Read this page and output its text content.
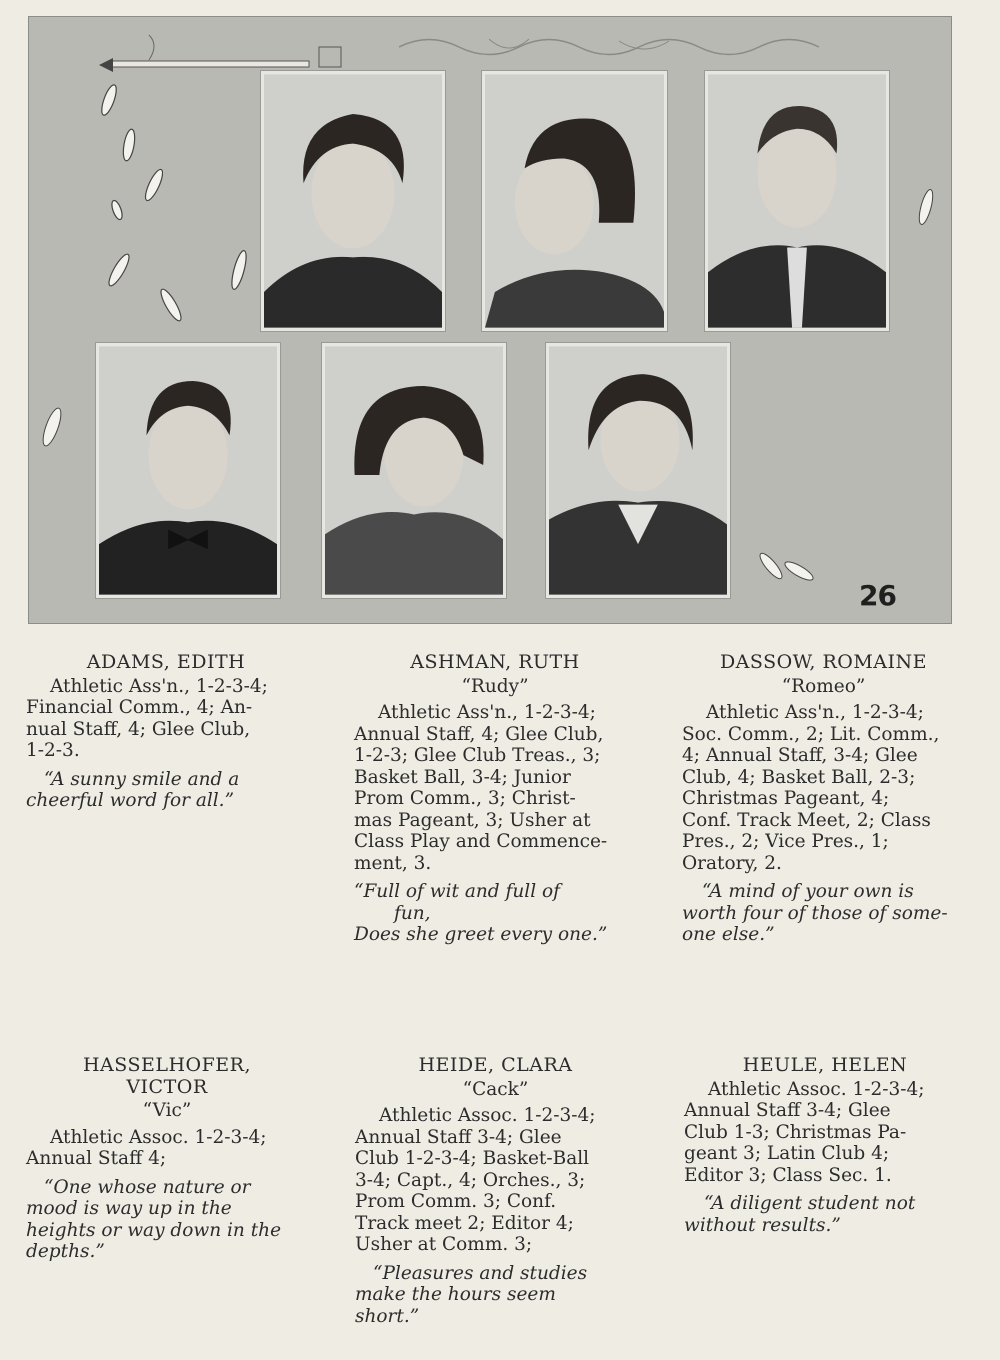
26
ADAMS, EDITH
Athletic Ass'n., 1-2-3-4;
Financial Comm., 4; An-
nual Staff, 4; Glee Club,
1-2-3.
“A sunny smile and a
cheerful word for all.”
ASHMAN, RUTH
“Rudy”
Athletic Ass'n., 1-2-3-4;
Annual Staff, 4; Glee Club,
1-2-3; Glee Club Treas., 3;
Basket Ball, 3-4; Junior
Prom Comm., 3; Christ-
mas Pageant, 3; Usher at
Class Play and Commence-
ment, 3.
“Full of wit and full of
fun,
Does she greet every one.”
DASSOW, ROMAINE
“Romeo”
Athletic Ass'n., 1-2-3-4;
Soc. Comm., 2; Lit. Comm.,
4; Annual Staff, 3-4; Glee
Club, 4; Basket Ball, 2-3;
Christmas Pageant, 4;
Conf. Track Meet, 2; Class
Pres., 2; Vice Pres., 1;
Oratory, 2.
“A mind of your own is
worth four of those of some-
one else.”
HASSELHOFER,
VICTOR
“Vic”
Athletic Assoc. 1-2-3-4;
Annual Staff 4;
“One whose nature or
mood is way up in the
heights or way down in the
depths.”
HEIDE, CLARA
“Cack”
Athletic Assoc. 1-2-3-4;
Annual Staff 3-4; Glee
Club 1-2-3-4; Basket-Ball
3-4; Capt., 4; Orches., 3;
Prom Comm. 3; Conf.
Track meet 2; Editor 4;
Usher at Comm. 3;
“Pleasures and studies
make the hours seem
short.”
HEULE, HELEN
Athletic Assoc. 1-2-3-4;
Annual Staff 3-4; Glee
Club 1-3; Christmas Pa-
geant 3; Latin Club 4;
Editor 3; Class Sec. 1.
“A diligent student not
without results.”
